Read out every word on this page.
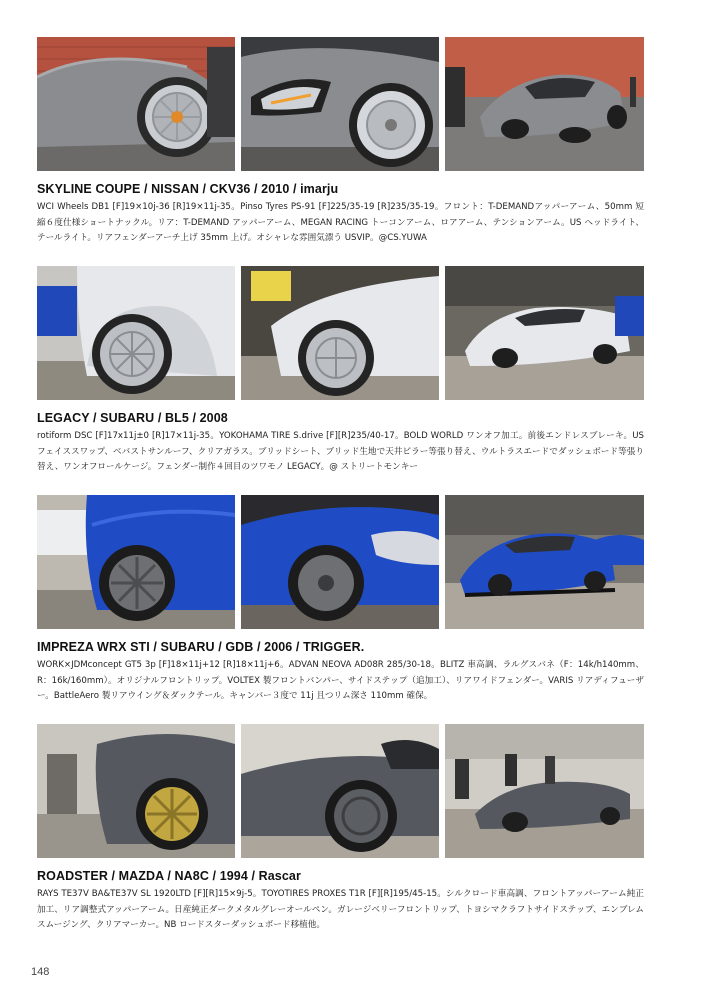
SKYLINE COUPE / NISSAN / CKV36 / 2010 / imarju
WCI Wheels DB1 [F]19×10j-36 [R]19×11j-35。Pinso Tyres PS-91 [F]225/35-19 [R]235/35-19。フロント：T-DEMANDアッパーアーム、50mm 短縮６度仕様ショートナックル。リア：T-DEMAND アッパーアーム、MEGAN RACING トーコンアーム、ロアアーム、テンションアーム。US ヘッドライト、テールライト。リアフェンダーアーチ上げ 35mm 上げ。オシャレな雰囲気漂う USVIP。@CS.YUWA
LEGACY / SUBARU / BL5 / 2008
rotiform DSC [F]17x11j±0 [R]17×11j-35。YOKOHAMA TIRE S.drive [F][R]235/40-17。BOLD WORLD ワンオフ加工。前後エンドレスブレーキ。US フェイススワップ、ベバストサンルーフ、クリアガラス。ブリッドシート、ブリッド生地で天井ピラー等張り替え、ウルトラスエードでダッシュボード等張り替え、ワンオフロールケージ。フェンダー制作４回目のツワモノ LEGACY。@ ストリートモンキー
IMPREZA WRX STI / SUBARU / GDB / 2006 / TRIGGER.
WORK×JDMconcept GT5 3p [F]18×11j+12 [R]18×11j+6。ADVAN NEOVA AD08R 285/30-18。BLITZ 車高調、ラルグスバネ（F：14k/h140mm、R：16k/160mm）。オリジナルフロントリップ。VOLTEX 製フロントバンパー、サイドステップ（追加工）、リアワイドフェンダー。VARIS リアディフューザー。BattleAero 製リアウイング＆ダックテール。キャンバー３度で 11j 且つリム深さ 110mm 確保。
ROADSTER / MAZDA / NA8C / 1994 / Rascar
RAYS TE37V BA&TE37V SL 1920LTD [F][R]15×9j-5。TOYOTIRES PROXES T1R [F][R]195/45-15。シルクロード車高調、フロントアッパーアーム純正加工、リア調整式アッパーアーム。日産純正ダークメタルグレーオールペン。ガレージベリーフロントリップ、トヨシマクラフトサイドステップ、エンブレムスムージング、クリアマーカー。NB ロードスターダッシュボード移植他。
148
